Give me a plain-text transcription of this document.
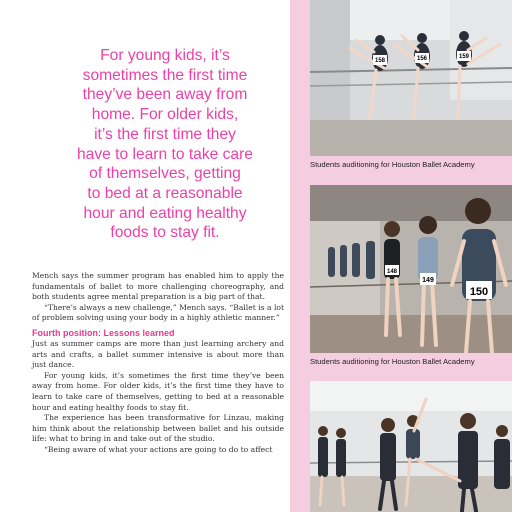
For young kids, it’s
sometimes the first time
they’ve been away from
home. For older kids,
it’s the first time they
have to learn to take care
of themselves, getting
to bed at a reasonable
hour and eating healthy
foods to stay fit.

Mench says the summer program has enabled him to apply the fundamentals of ballet to more challenging choreography, and both students agree mental preparation is a big part of that.

“There’s always a new challenge,” Mench says. “Ballet is a lot of problem solving using your body in a highly athletic manner.”

Fourth position: Lessons learned

Just as summer camps are more than just learning archery and arts and crafts, a ballet summer intensive is about more than just dance.

For young kids, it’s sometimes the first time they’ve been away from home. For older kids, it’s the first time they have to learn to take care of themselves, getting to bed at a reasonable hour and eating healthy foods to stay fit.

The experience has been transformative for Linzau, making him think about the relationship between ballet and his outside life: what to bring in and take out of the studio.

“Being aware of what your actions are going to do to affect

158	156	159
Students auditioning for Houston Ballet Academy
148
149
150
Students auditioning for Houston Ballet Academy
